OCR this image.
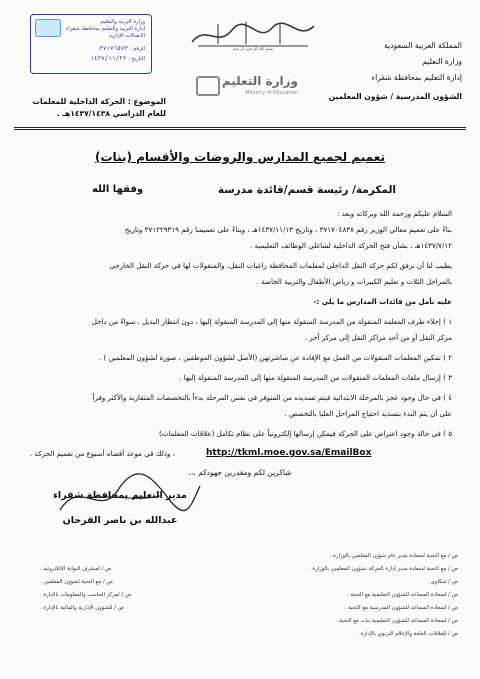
المملكة العربية السعودية
وزارة التعليم
إدارة التعليم بمحافظة شقراء
الشؤون المدرسية / شؤون المعلمين
بسم الله الرحمن الرحيم
وزارة التعليم
Ministry of Education
وزارة التربية والتعليم
إدارة التربية والتعليم بمحافظة شقراء
الاتصالات الإدارية
الرقم : ٣٧١٧٦٥٧٣
التاريخ : ١٤٣٧/١١/٢٢
الموضوع : الحركة الداخلية للمعلمات
للعام الدراسي ١٤٣٧/١٤٣٨هـ .
تعميم لجميع المدارس والروضات والأقسام (بنات)
المكرمة/ رئيسة قسم/قائدة مدرسة
وفقها الله
السلام عليكم ورحمة الله وبركاته وبعد :
بناءً على تعميم معالي الوزير رقم ٣٧١٧٠٤٨٣٨ ، وتاريخ ١٤٣٧/١١/١٣هـ ، وبناءً على تعميمنا رقم ٣٧١٢٢٩٣١٩ وتاريخ
١٤٣٧/٧/١٢هـ ، بشأن فتح الحركة الداخلية لشاغلي الوظائف التعليمية .
يطيب لنا أن نرفق لكم حركة النقل الداخلي لمعلمات المحافظة راغبات النقل، والمنقولات لها في حركة النقل الخارجي
بالمراحل الثلاث و تعليم الكبيرات و رياض الأطفال والتربية الخاصة .
عليه نأمل من قائدات المدارس ما يلي :-
١ ) إخلاء طرف المعلمة المنقولة من المدرسة المنقولة منها إلى المدرسة المنقولة إليها ، دون انتظار البديل ، سواءً من داخل
مركز النقل أو من أحد مراكز النقل إلى مركز آخر .
٢ ) تمكين المعلمات المنقولات من العمل مع الإفادة عن مباشرتهن (الأصل لشؤون الموظفين ، صورة لشؤون المعلمين ) .
٣ ) إرسال ملفات المعلمات المنقولات من المدرسة المنقولة منها إلى المدرسة المنقولة إليها .
٤ ) في حال وجود عجز بالمرحلة الابتدائية فيتم تسديده من المتوفر في نفس المرحلة بدءاً بالتخصصات المتقاربة والأكثر وفراً
على أن يتم البدء بتسديد احتياج المراحل العليا بالتخصص .
٥ ) في حالة وجود اعتراض على الحركة فيمكن إرسالها إلكترونياً على نظام تكامل (علاقات المعلمات)
http://tkml.moe.gov.sa/EmailBox
، وذلك في موعد أقصاه أسبوع من تعميم الحركة .
شاكرين لكم ومقدرين جهودكم ،،،
مدير التعليم بمحافظة شقراء
عبدالله بن ناصر القرحان
ص / مع التحية لسعادة مدير عام شؤون المعلمين بالوزارة .
ص / مع التحية لسعادة مدير إدارة الحركة بشؤون المعلمين بالوزارة .
ص / شكاوى .
ص / لسعادة المساعد للشؤون التعليمية مع التحية .
ص / لسعادة المساعد للشؤون المدرسية مع التحية .
ص / لسعادة المساعد للشؤون التعليمية بنات مع التحية .
ص / للعلاقات العامة والإعلام التربوي بالإدارة .
ص / لمشرف البوابة الإلكترونية .
ص / مع التحية لشؤون المعلمين .
ص / لمركز الحاسب والمعلومات بالإدارة .
ص / للشؤون الإدارية والمالية بالإدارة .
